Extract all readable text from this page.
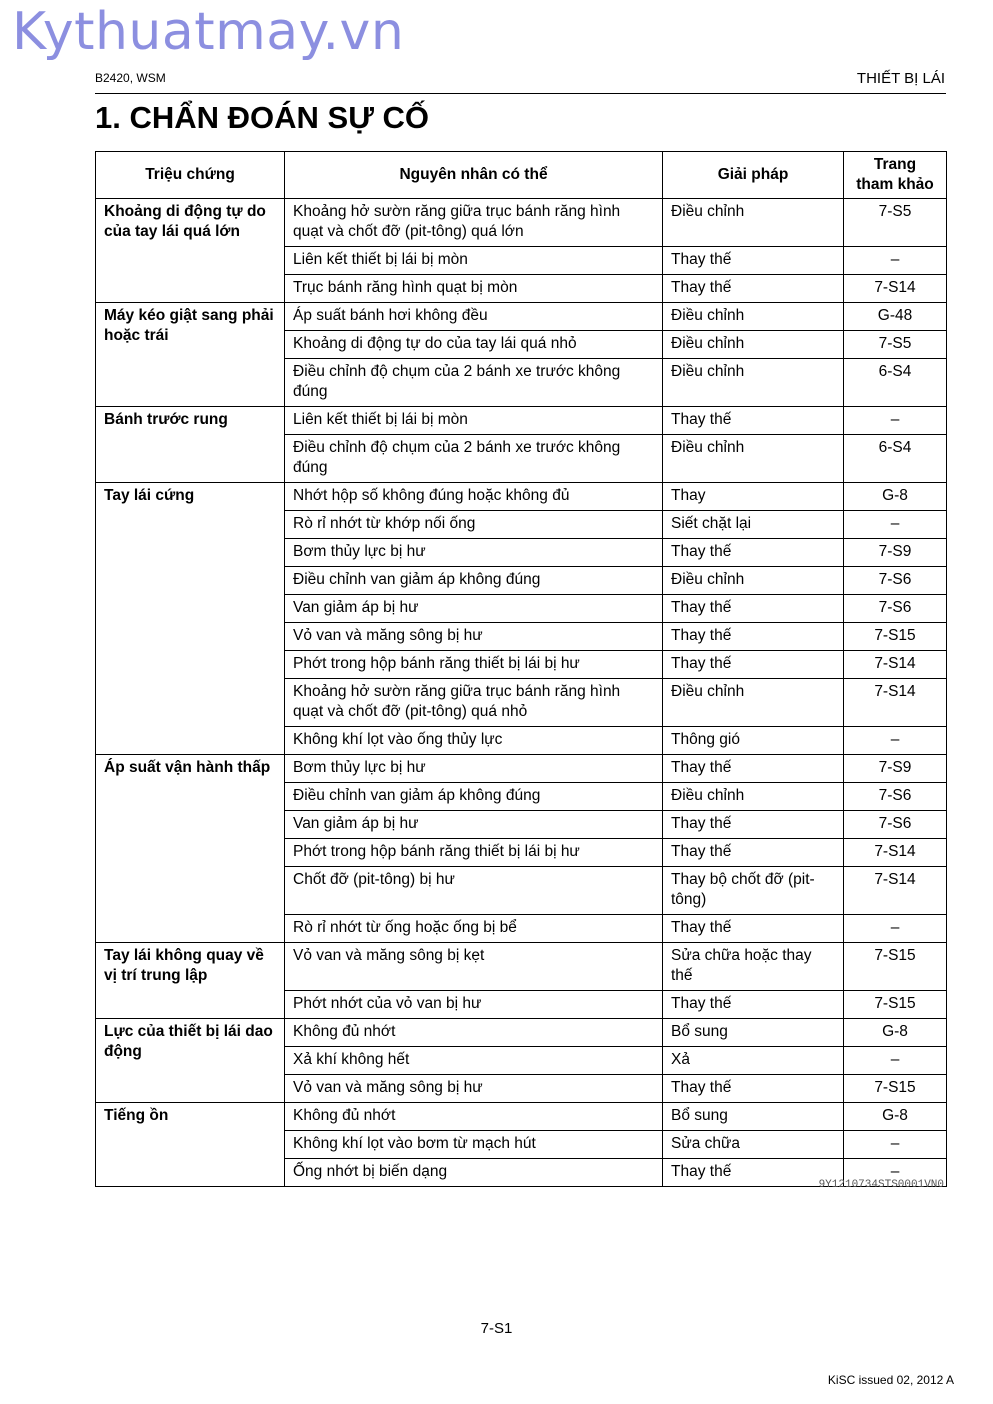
Kythuatmay.vn
B2420, WSM	THIẾT BỊ LÁI
1. CHẨN ĐOÁN SỰ CỐ
Triệu chứng	Nguyên nhân có thể	Giải pháp	Trang
tham khảo
Khoảng di động tự do của tay lái quá lớn	Khoảng hở sườn răng giữa trục bánh răng hình quạt và chốt đỡ (pit-tông) quá lớn	Điều chỉnh	7-S5
	Liên kết thiết bị lái bị mòn	Thay thế	–
	Trục bánh răng hình quạt bị mòn	Thay thế	7-S14
Máy kéo giật sang phải hoặc trái	Áp suất bánh hơi không đều	Điều chỉnh	G-48
	Khoảng di động tự do của tay lái quá nhỏ	Điều chỉnh	7-S5
	Điều chỉnh độ chụm của 2 bánh xe trước không đúng	Điều chỉnh	6-S4
Bánh trước rung	Liên kết thiết bị lái bị mòn	Thay thế	–
	Điều chỉnh độ chụm của 2 bánh xe trước không đúng	Điều chỉnh	6-S4
Tay lái cứng	Nhớt hộp số không đúng hoặc không đủ	Thay	G-8
	Rò rỉ nhớt từ khớp nối ống	Siết chặt lại	–
	Bơm thủy lực bị hư	Thay thế	7-S9
	Điều chỉnh van giảm áp không đúng	Điều chỉnh	7-S6
	Van giảm áp bị hư	Thay thế	7-S6
	Vỏ van và măng sông bị hư	Thay thế	7-S15
	Phớt trong hộp bánh răng thiết bị lái bị hư	Thay thế	7-S14
	Khoảng hở sườn răng giữa trục bánh răng hình quạt và chốt đỡ (pit-tông) quá nhỏ	Điều chỉnh	7-S14
	Không khí lọt vào ống thủy lực	Thông gió	–
Áp suất vận hành thấp	Bơm thủy lực bị hư	Thay thế	7-S9
	Điều chỉnh van giảm áp không đúng	Điều chỉnh	7-S6
	Van giảm áp bị hư	Thay thế	7-S6
	Phớt trong hộp bánh răng thiết bị lái bị hư	Thay thế	7-S14
	Chốt đỡ (pit-tông) bị hư	Thay bộ chốt đỡ (pit-tông)	7-S14
	Rò rỉ nhớt từ ống hoặc ống bị bể	Thay thế	–
Tay lái không quay về vị trí trung lập	Vỏ van và măng sông bị kẹt	Sửa chữa hoặc thay thế	7-S15
	Phớt nhớt của vỏ van bị hư	Thay thế	7-S15
Lực của thiết bị lái dao động	Không đủ nhớt	Bổ sung	G-8
	Xả khí không hết	Xả	–
	Vỏ van và măng sông bị hư	Thay thế	7-S15
Tiếng ồn	Không đủ nhớt	Bổ sung	G-8
	Không khí lọt vào bơm từ mạch hút	Sửa chữa	–
	Ống nhớt bị biến dạng	Thay thế	–
9Y1210734STS0001VN0
7-S1
KiSC issued 02, 2012 A
